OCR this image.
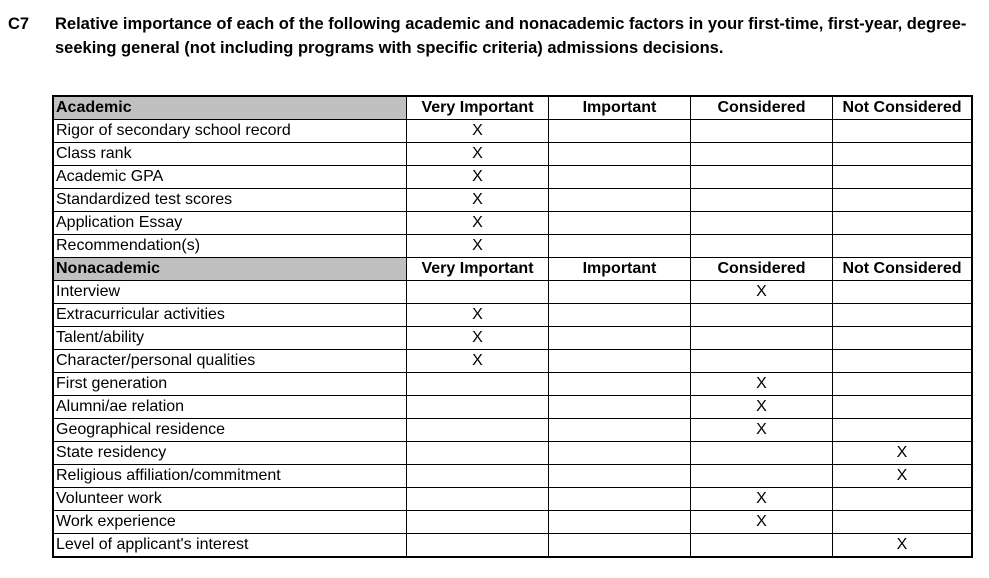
C7	Relative importance of each of the following academic and nonacademic factors in your first-time, first-year, degree-seeking general (not including programs with specific criteria) admissions decisions.
Academic	Very Important	Important	Considered	Not Considered
Rigor of secondary school record	X			
Class rank	X			
Academic GPA	X			
Standardized test scores	X			
Application Essay	X			
Recommendation(s)	X			
Nonacademic	Very Important	Important	Considered	Not Considered
Interview			X	
Extracurricular activities	X			
Talent/ability	X			
Character/personal qualities	X			
First generation			X	
Alumni/ae relation			X	
Geographical residence			X	
State residency				X
Religious affiliation/commitment				X
Volunteer work			X	
Work experience			X	
Level of applicant's interest				X
